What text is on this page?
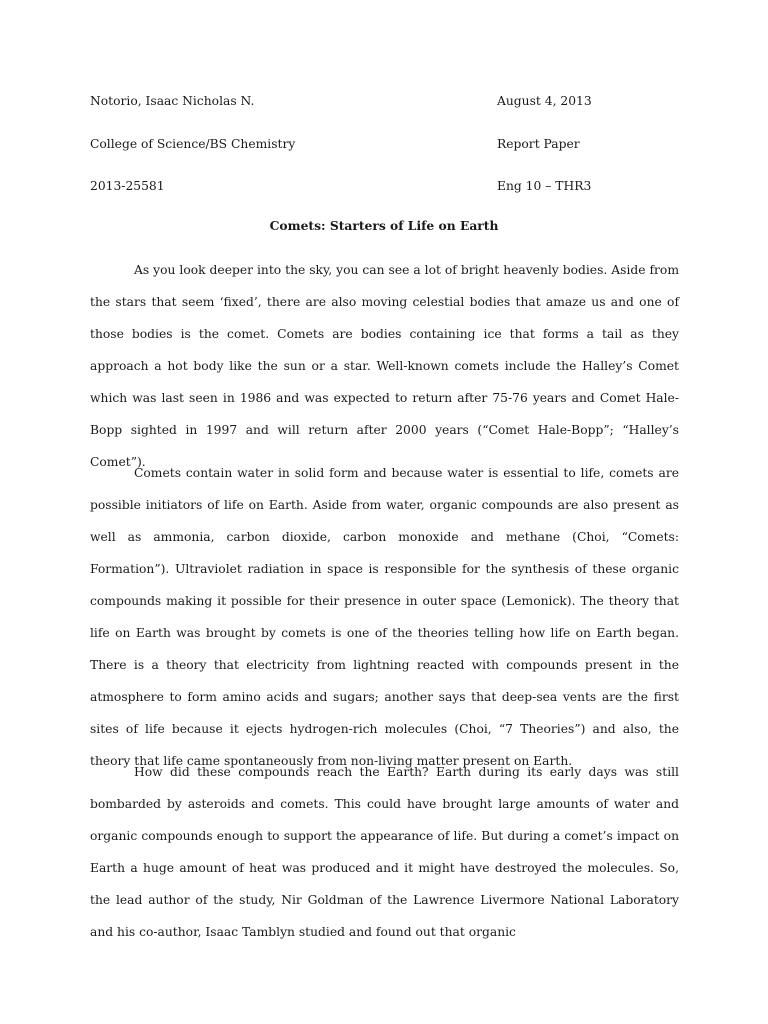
Notorio, Isaac Nicholas N.	August 4, 2013
College of Science/BS Chemistry	Report Paper
2013-25581	Eng 10 – THR3
Comets: Starters of Life on Earth

As you look deeper into the sky, you can see a lot of bright heavenly bodies. Aside from the stars that seem ‘fixed’, there are also moving celestial bodies that amaze us and one of those bodies is the comet. Comets are bodies containing ice that forms a tail as they approach a hot body like the sun or a star. Well-known comets include the Halley’s Comet which was last seen in 1986 and was expected to return after 75-76 years and Comet Hale-Bopp sighted in 1997 and will return after 2000 years (“Comet Hale-Bopp”; “Halley’s Comet”).

Comets contain water in solid form and because water is essential to life, comets are possible initiators of life on Earth. Aside from water, organic compounds are also present as well as ammonia, carbon dioxide, carbon monoxide and methane (Choi, “Comets: Formation”). Ultraviolet radiation in space is responsible for the synthesis of these organic compounds making it possible for their presence in outer space (Lemonick). The theory that life on Earth was brought by comets is one of the theories telling how life on Earth began. There is a theory that electricity from lightning reacted with compounds present in the atmosphere to form amino acids and sugars; another says that deep-sea vents are the first sites of life because it ejects hydrogen-rich molecules (Choi, “7 Theories”) and also, the theory that life came spontaneously from non-living matter present on Earth.

How did these compounds reach the Earth? Earth during its early days was still bombarded by asteroids and comets. This could have brought large amounts of water and organic compounds enough to support the appearance of life. But during a comet’s impact on Earth a huge amount of heat was produced and it might have destroyed the molecules. So, the lead author of the study, Nir Goldman of the Lawrence Livermore National Laboratory and his co-author, Isaac Tamblyn studied and found out that organic
